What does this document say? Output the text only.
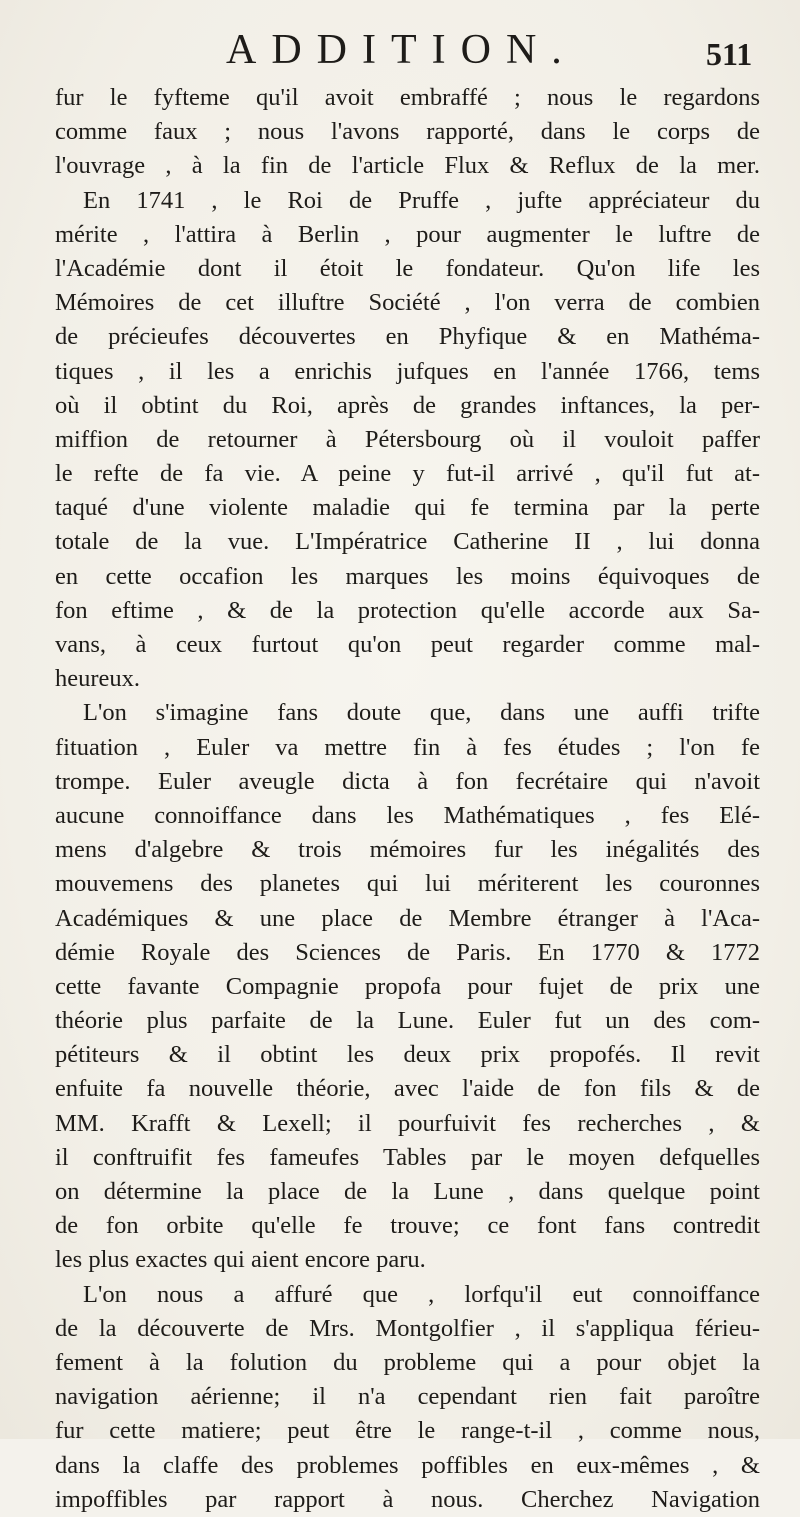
ADDITION.	511
fur le fyfteme qu'il avoit embraffé ; nous le regardons
comme faux ; nous l'avons rapporté, dans le corps de
l'ouvrage , à la fin de l'article Flux & Reflux de la mer.
En 1741 , le Roi de Pruffe , jufte appréciateur du
mérite , l'attira à Berlin , pour augmenter le luftre de
l'Académie dont il étoit le fondateur. Qu'on life les
Mémoires de cet illuftre Société , l'on verra de combien
de précieufes découvertes en Phyfique & en Mathéma-
tiques , il les a enrichis jufques en l'année 1766, tems
où il obtint du Roi, après de grandes inftances, la per-
miffion de retourner à Pétersbourg où il vouloit paffer
le refte de fa vie. A peine y fut-il arrivé , qu'il fut at-
taqué d'une violente maladie qui fe termina par la perte
totale de la vue. L'Impératrice Catherine II , lui donna
en cette occafion les marques les moins équivoques de
fon eftime , & de la protection qu'elle accorde aux Sa-
vans, à ceux furtout qu'on peut regarder comme mal-
heureux.
L'on s'imagine fans doute que, dans une auffi trifte
fituation , Euler va mettre fin à fes études ; l'on fe
trompe. Euler aveugle dicta à fon fecrétaire qui n'avoit
aucune connoiffance dans les Mathématiques , fes Elé-
mens d'algebre & trois mémoires fur les inégalités des
mouvemens des planetes qui lui mériterent les couronnes
Académiques & une place de Membre étranger à l'Aca-
démie Royale des Sciences de Paris. En 1770 & 1772
cette favante Compagnie propofa pour fujet de prix une
théorie plus parfaite de la Lune. Euler fut un des com-
pétiteurs & il obtint les deux prix propofés. Il revit
enfuite fa nouvelle théorie, avec l'aide de fon fils & de
MM. Krafft & Lexell; il pourfuivit fes recherches , &
il conftruifit fes fameufes Tables par le moyen defquelles
on détermine la place de la Lune , dans quelque point
de fon orbite qu'elle fe trouve; ce font fans contredit
les plus exactes qui aient encore paru.
L'on nous a affuré que , lorfqu'il eut connoiffance
de la découverte de Mrs. Montgolfier , il s'appliqua férieu-
fement à la folution du probleme qui a pour objet la
navigation aérienne; il n'a cependant rien fait paroître
fur cette matiere; peut être le range-t-il , comme nous,
dans la claffe des problemes poffibles en eux-mêmes , &
impoffibles par rapport à nous. Cherchez Navigation
